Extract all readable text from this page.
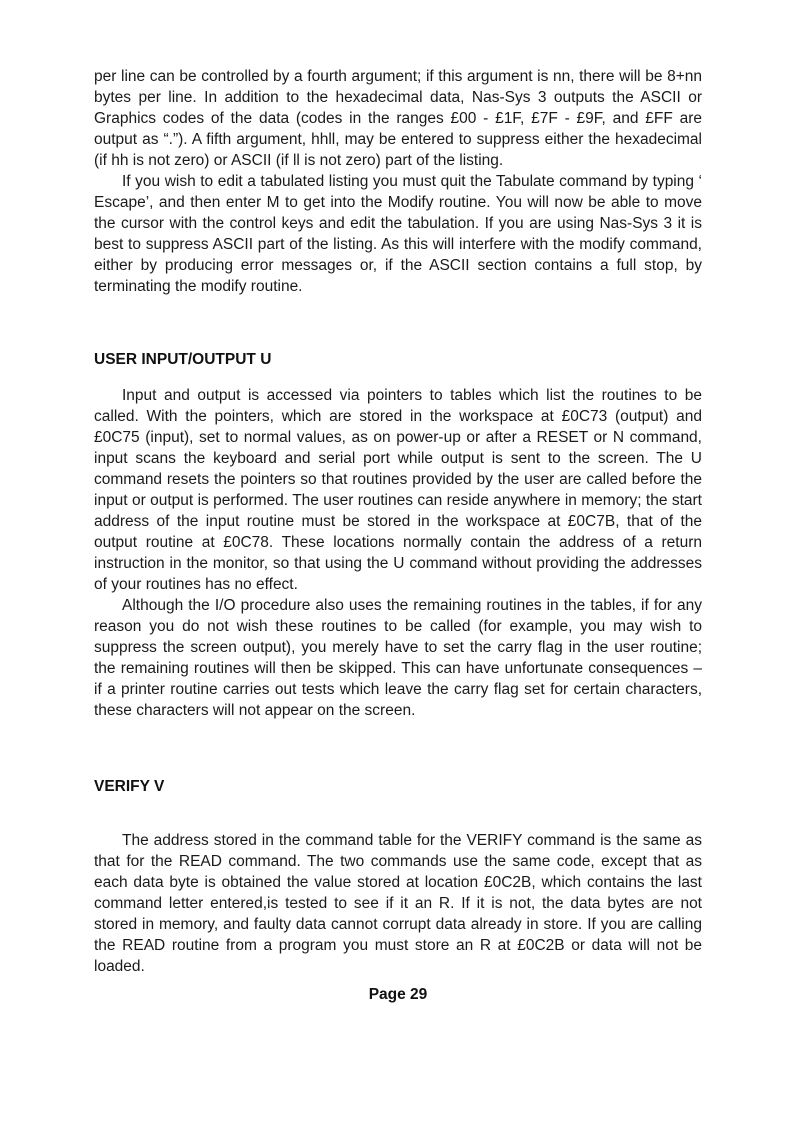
per line can be controlled by a fourth argument; if this argument is nn, there will be 8+nn bytes per line. In addition to the hexadecimal data, Nas-Sys 3 outputs the ASCII or Graphics codes of the data (codes in the ranges £00 - £1F, £7F - £9F, and £FF are output as “.”). A fifth argument, hhll, may be entered to suppress either the hexadecimal (if hh is not zero) or ASCII (if ll is not zero) part of the listing.

If you wish to edit a tabulated listing you must quit the Tabulate command by typing ‘ Escape’, and then enter M to get into the Modify routine. You will now be able to move the cursor with the control keys and edit the tabulation. If you are using Nas-Sys 3 it is best to suppress ASCII part of the listing. As this will interfere with the modify command, either by producing error messages or, if the ASCII section contains a full stop, by terminating the modify routine.

USER INPUT/OUTPUT U

Input and output is accessed via pointers to tables which list the routines to be called. With the pointers, which are stored in the workspace at £0C73 (output) and £0C75 (input), set to normal values, as on power-up or after a RESET or N command, input scans the keyboard and serial port while output is sent to the screen. The U command resets the pointers so that routines provided by the user are called before the input or output is performed. The user routines can reside anywhere in memory; the start address of the input routine must be stored in the workspace at £0C7B, that of the output routine at £0C78. These locations normally contain the address of a return instruction in the monitor, so that using the U command without providing the addresses of your routines has no effect.

Although the I/O procedure also uses the remaining routines in the tables, if for any reason you do not wish these routines to be called (for example, you may wish to suppress the screen output), you merely have to set the carry flag in the user routine; the remaining routines will then be skipped. This can have unfortunate consequences – if a printer routine carries out tests which leave the carry flag set for certain characters, these characters will not appear on the screen.

VERIFY V

The address stored in the command table for the VERIFY command is the same as that for the READ command. The two commands use the same code, except that as each data byte is obtained the value stored at location £0C2B, which contains the last command letter entered,is tested to see if it an R. If it is not, the data bytes are not stored in memory, and faulty data cannot corrupt data already in store. If you are calling the READ routine from a program you must store an R at £0C2B or data will not be loaded.

Page 29
